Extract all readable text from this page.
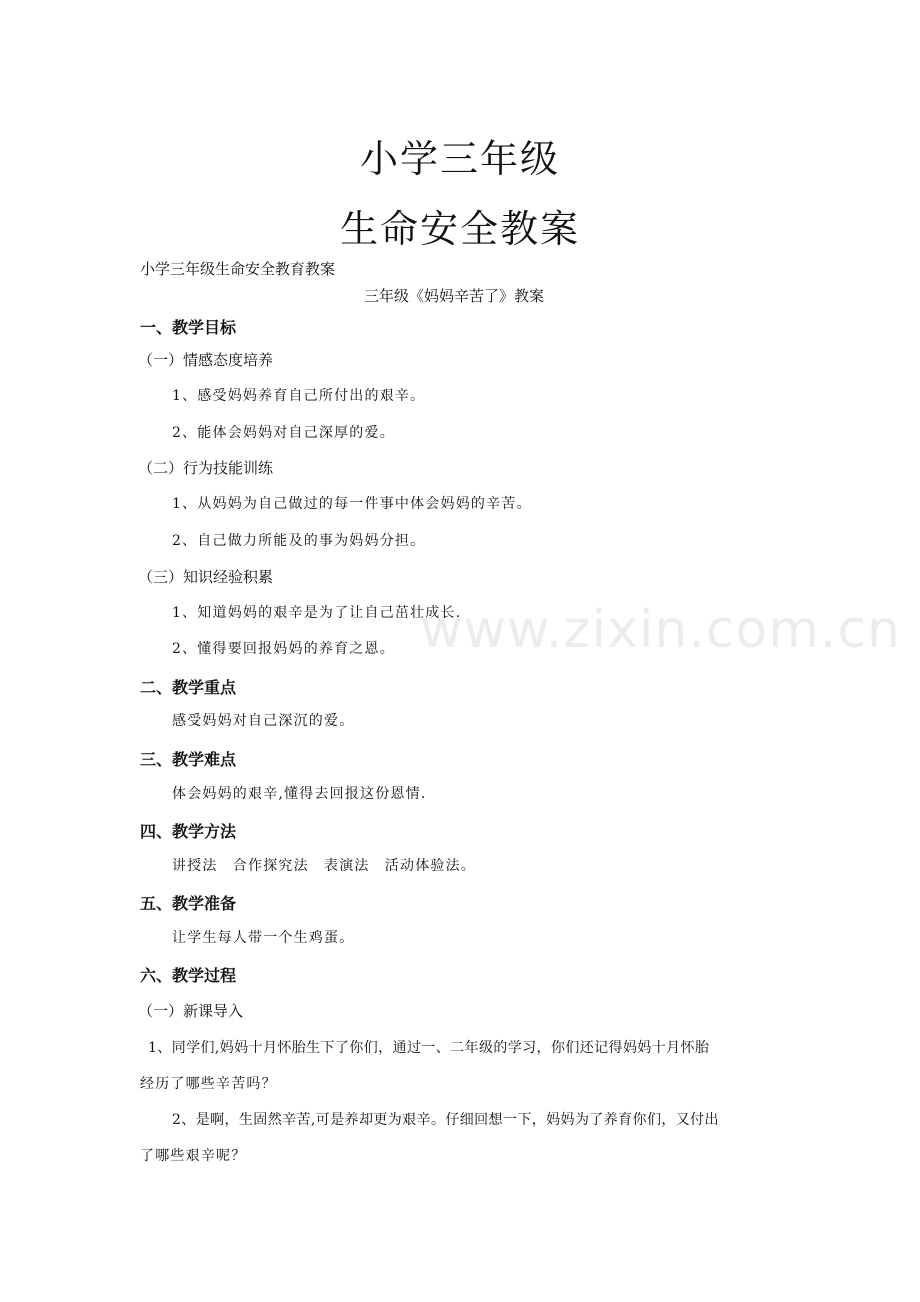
小学三年级
生命安全教案
小学三年级生命安全教育教案
三年级《妈妈辛苦了》教案
一、教学目标
（一）情感态度培养
1、感受妈妈养育自己所付出的艰辛。
2、能体会妈妈对自己深厚的爱。
（二）行为技能训练
1、从妈妈为自己做过的每一件事中体会妈妈的辛苦。
2、自己做力所能及的事为妈妈分担。
（三）知识经验积累
1、知道妈妈的艰辛是为了让自己茁壮成长.
2、懂得要回报妈妈的养育之恩。 www.zixin.com.cn
二、教学重点
感受妈妈对自己深沉的爱。
三、教学难点
体会妈妈的艰辛,懂得去回报这份恩情.
四、教学方法
讲授法　合作探究法　表演法　活动体验法。
五、教学准备
让学生每人带一个生鸡蛋。
六、教学过程
（一）新课导入
1、同学们,妈妈十月怀胎生下了你们，通过一、二年级的学习，你们还记得妈妈十月怀胎
经历了哪些辛苦吗？
2、是啊，生固然辛苦,可是养却更为艰辛。仔细回想一下，妈妈为了养育你们，又付出
了哪些艰辛呢？
